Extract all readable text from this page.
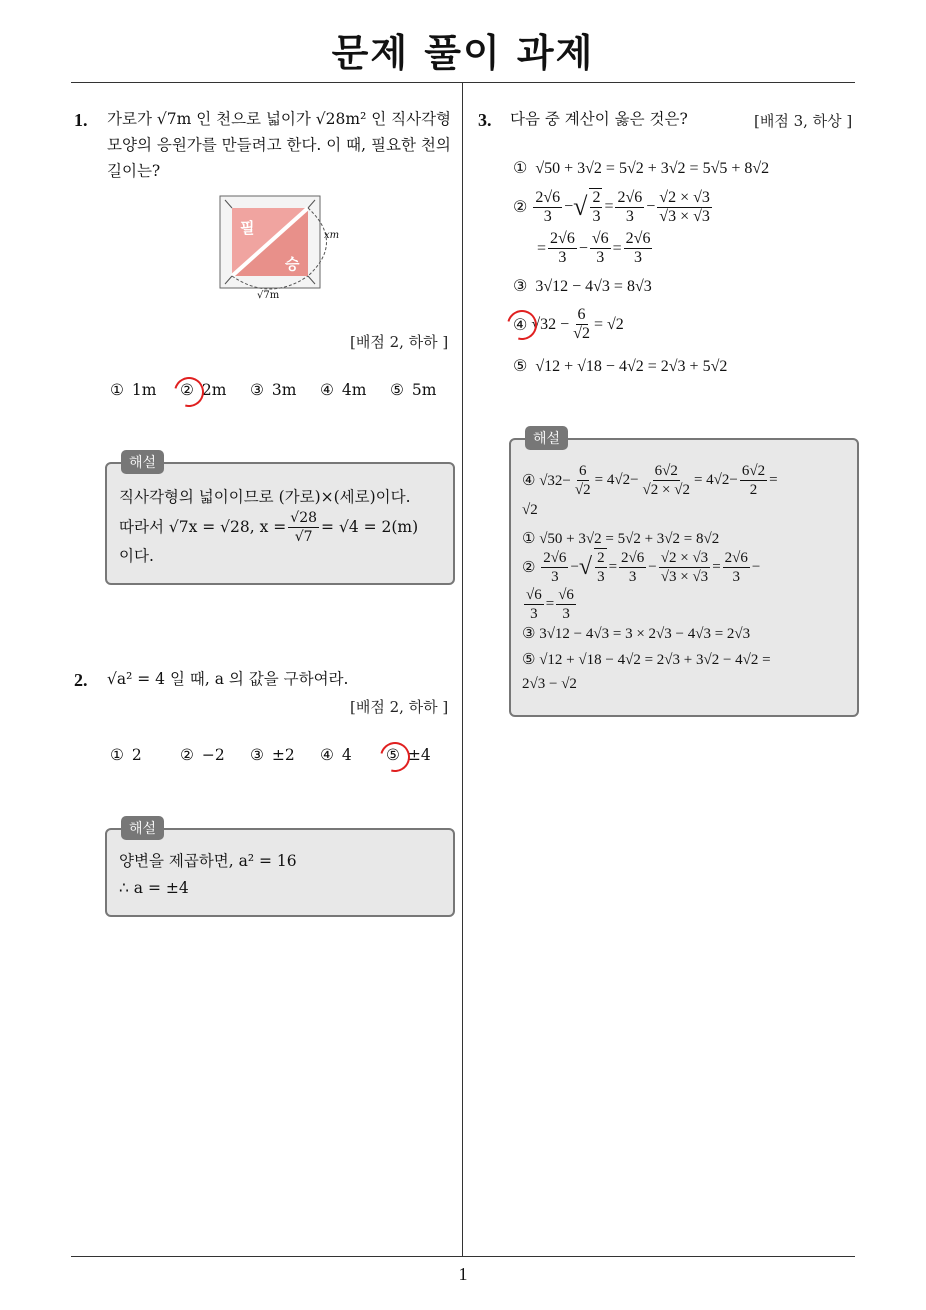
문제 풀이 과제
1
1. 가로가 √7m 인 천으로 넓이가 √28m² 인 직사각형
모양의 응원가를 만들려고 한다. 이 때, 필요한 천의
길이는?
필
승
xm
√7m
[배점 2, 하하 ]
① 1m ② 2m ③ 3m ④ 4m ⑤ 5m
해설
직사각형의 넓이이므로 (가로)×(세로)이다.
따라서 √7x = √28, $x = \frac{√28}{√7} = √4 = 2(m)$
이다.
2. √a² = 4 일 때, a 의 값을 구하여라.
[배점 2, 하하 ]
① 2 ② −2 ③ ±2 ④ 4 ⑤ ±4
해설
양변을 제곱하면, a² = 16
∴ a = ±4
3. 다음 중 계산이 옳은 것은?	[배점 3, 하상 ]
① √50 + 3√2 = 5√2 + 3√2 = 5√5 + 8√2
②
$\frac{2√6}{3}$ − √ $\frac{2}{3} = \frac{2√6}{3} - \frac{√2 \times √3}{√3 \times √3}$
= $\frac{2√6}{3} - \frac{√6}{3} = \frac{2√6}{3}$
③ 3√12 − 4√3 = 8√3
④
$√32 - \frac{6}{√2} = √2$
⑤ √12 + √18 − 4√2 = 2√3 + 5√2
해설
④ $√32- \frac{6}{√2} = 4√2- \frac{6√2}{√2 \times √2} = 4√2- \frac{6√2}{2}$ =
√2
① √50 + 3√2 = 5√2 + 3√2 = 8√2
②
$\frac{2√6}{3}$ − √ $\frac{2}{3} = \frac{2√6}{3} - \frac{√2 \times √3}{√3 \times √3} = \frac{2√6}{3}$ −
$\frac{√6}{3} = \frac{√6}{3}$
③ 3√12 − 4√3 = 3 × 2√3 − 4√3 = 2√3
⑤ √12 + √18 − 4√2 = 2√3 + 3√2 − 4√2 =
2√3 − √2
